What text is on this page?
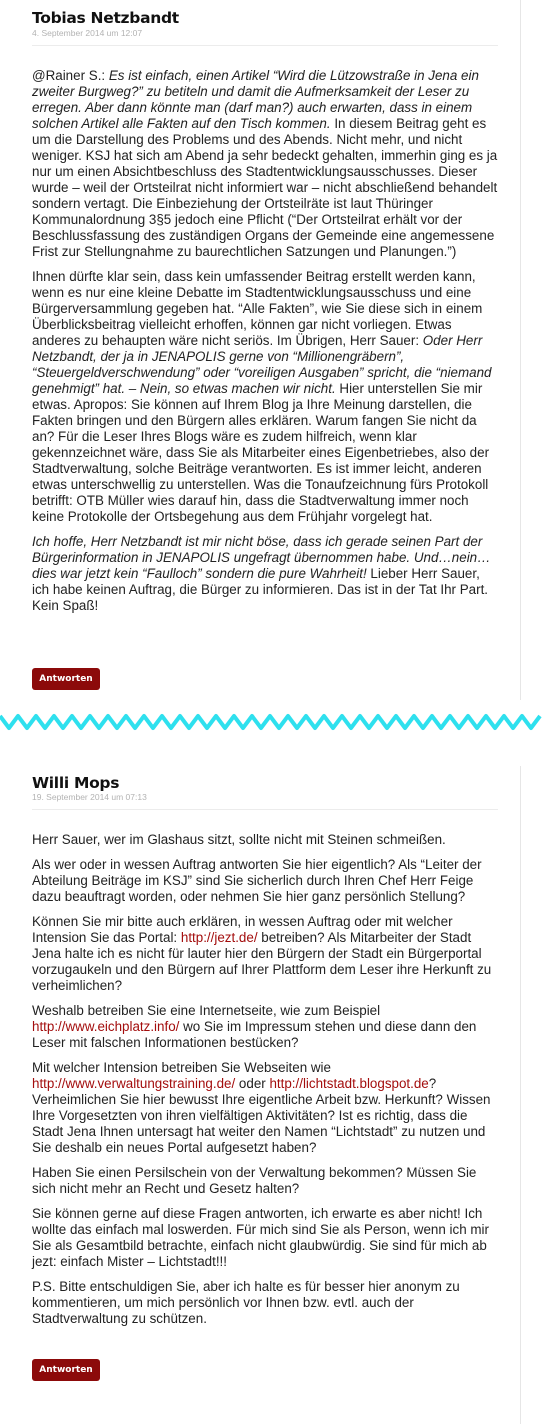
Tobias Netzbandt
4. September 2014 um 12:07

@Rainer S.: Es ist einfach, einen Artikel “Wird die Lützowstraße in Jena ein zweiter Burgweg?” zu betiteln und damit die Aufmerksamkeit der Leser zu erregen. Aber dann könnte man (darf man?) auch erwarten, dass in einem solchen Artikel alle Fakten auf den Tisch kommen. In diesem Beitrag geht es um die Darstellung des Problems und des Abends. Nicht mehr, und nicht weniger. KSJ hat sich am Abend ja sehr bedeckt gehalten, immerhin ging es ja nur um einen Absichtbeschluss des Stadtentwicklungsausschusses. Dieser wurde – weil der Ortsteilrat nicht informiert war – nicht abschließend behandelt sondern vertagt. Die Einbeziehung der Ortsteilräte ist laut Thüringer Kommunalordnung 3§5 jedoch eine Pflicht (“Der Ortsteilrat erhält vor der Beschlussfassung des zuständigen Organs der Gemeinde eine angemessene Frist zur Stellungnahme zu baurechtlichen Satzungen und Planungen.”)

Ihnen dürfte klar sein, dass kein umfassender Beitrag erstellt werden kann, wenn es nur eine kleine Debatte im Stadtentwicklungsausschuss und eine Bürgerversammlung gegeben hat. “Alle Fakten”, wie Sie diese sich in einem Überblicksbeitrag vielleicht erhoffen, können gar nicht vorliegen. Etwas anderes zu behaupten wäre nicht seriös. Im Übrigen, Herr Sauer: Oder Herr Netzbandt, der ja in JENAPOLIS gerne von “Millionengräbern”, “Steuergeldverschwendung” oder “voreiligen Ausgaben” spricht, die “niemand genehmigt” hat. – Nein, so etwas machen wir nicht. Hier unterstellen Sie mir etwas. Apropos: Sie können auf Ihrem Blog ja Ihre Meinung darstellen, die Fakten bringen und den Bürgern alles erklären. Warum fangen Sie nicht da an? Für die Leser Ihres Blogs wäre es zudem hilfreich, wenn klar gekennzeichnet wäre, dass Sie als Mitarbeiter eines Eigenbetriebes, also der Stadtverwaltung, solche Beiträge verantworten. Es ist immer leicht, anderen etwas unterschwellig zu unterstellen. Was die Tonaufzeichnung fürs Protokoll betrifft: OTB Müller wies darauf hin, dass die Stadtverwaltung immer noch keine Protokolle der Ortsbegehung aus dem Frühjahr vorgelegt hat.

Ich hoffe, Herr Netzbandt ist mir nicht böse, dass ich gerade seinen Part der Bürgerinformation in JENAPOLIS ungefragt übernommen habe. Und…nein…dies war jetzt kein “Faulloch” sondern die pure Wahrheit! Lieber Herr Sauer, ich habe keinen Auftrag, die Bürger zu informieren. Das ist in der Tat Ihr Part. Kein Spaß!

Antworten
Willi Mops
19. September 2014 um 07:13

Herr Sauer, wer im Glashaus sitzt, sollte nicht mit Steinen schmeißen.

Als wer oder in wessen Auftrag antworten Sie hier eigentlich? Als “Leiter der Abteilung Beiträge im KSJ” sind Sie sicherlich durch Ihren Chef Herr Feige dazu beauftragt worden, oder nehmen Sie hier ganz persönlich Stellung?

Können Sie mir bitte auch erklären, in wessen Auftrag oder mit welcher Intension Sie das Portal: http://jezt.de/ betreiben? Als Mitarbeiter der Stadt Jena halte ich es nicht für lauter hier den Bürgern der Stadt ein Bürgerportal vorzugaukeln und den Bürgern auf Ihrer Plattform dem Leser ihre Herkunft zu verheimlichen?

Weshalb betreiben Sie eine Internetseite, wie zum Beispiel http://www.eichplatz.info/ wo Sie im Impressum stehen und diese dann den Leser mit falschen Informationen bestücken?

Mit welcher Intension betreiben Sie Webseiten wie http://www.verwaltungstraining.de/ oder http://lichtstadt.blogspot.de? Verheimlichen Sie hier bewusst Ihre eigentliche Arbeit bzw. Herkunft? Wissen Ihre Vorgesetzten von ihren vielfältigen Aktivitäten? Ist es richtig, dass die Stadt Jena Ihnen untersagt hat weiter den Namen “Lichtstadt” zu nutzen und Sie deshalb ein neues Portal aufgesetzt haben?

Haben Sie einen Persilschein von der Verwaltung bekommen? Müssen Sie sich nicht mehr an Recht und Gesetz halten?

Sie können gerne auf diese Fragen antworten, ich erwarte es aber nicht! Ich wollte das einfach mal loswerden. Für mich sind Sie als Person, wenn ich mir Sie als Gesamtbild betrachte, einfach nicht glaubwürdig. Sie sind für mich ab jezt: einfach Mister – Lichtstadt!!!

P.S. Bitte entschuldigen Sie, aber ich halte es für besser hier anonym zu kommentieren, um mich persönlich vor Ihnen bzw. evtl. auch der Stadtverwaltung zu schützen.

Antworten
